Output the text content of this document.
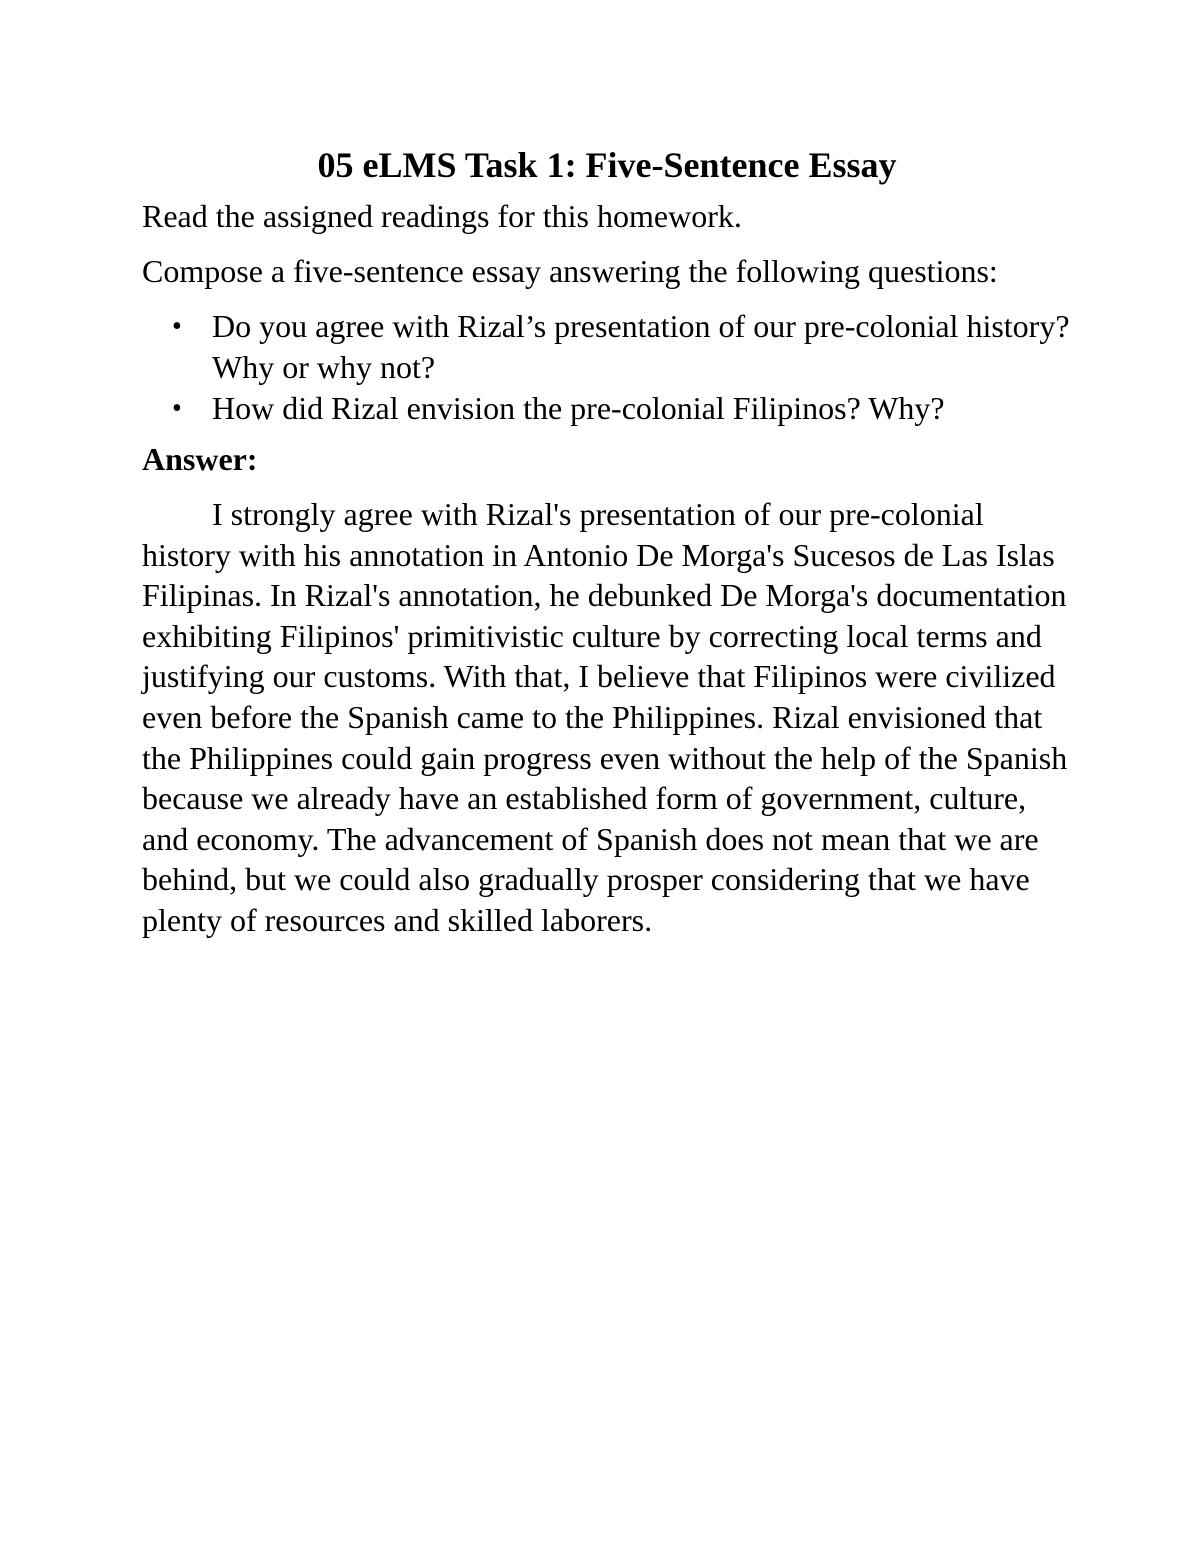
05 eLMS Task 1: Five-Sentence Essay

Read the assigned readings for this homework.

Compose a five-sentence essay answering the following questions:

• Do you agree with Rizal’s presentation of our pre-colonial history? Why or why not?
• How did Rizal envision the pre-colonial Filipinos? Why?
Answer:

I strongly agree with Rizal's presentation of our pre-colonial history with his annotation in Antonio De Morga's Sucesos de Las Islas Filipinas. In Rizal's annotation, he debunked De Morga's documentation exhibiting Filipinos' primitivistic culture by correcting local terms and justifying our customs. With that, I believe that Filipinos were civilized even before the Spanish came to the Philippines. Rizal envisioned that the Philippines could gain progress even without the help of the Spanish because we already have an established form of government, culture, and economy. The advancement of Spanish does not mean that we are behind, but we could also gradually prosper considering that we have plenty of resources and skilled laborers.
